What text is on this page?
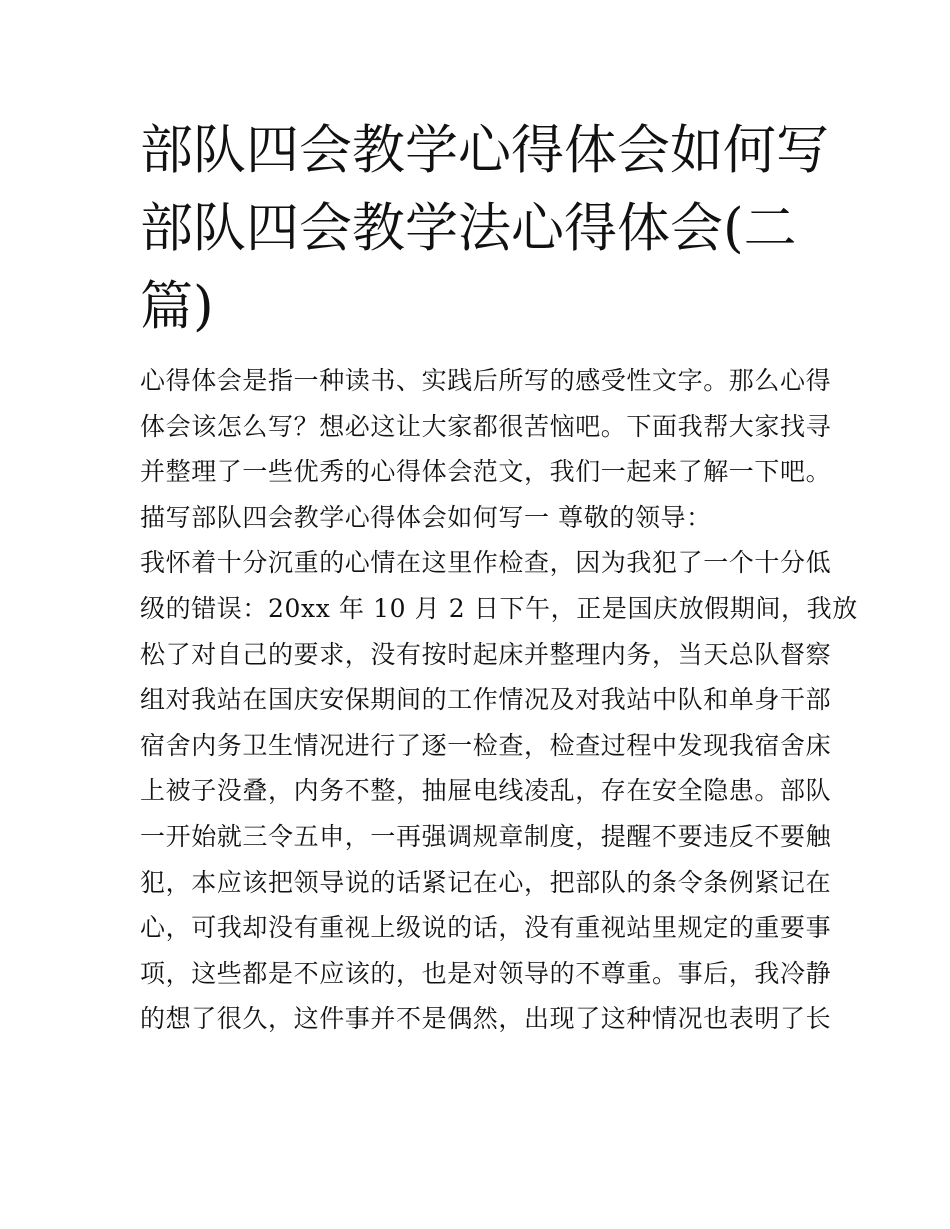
部队四会教学心得体会如何写
部队四会教学法心得体会(二
篇)
心得体会是指一种读书、实践后所写的感受性文字。那么心得
体会该怎么写？想必这让大家都很苦恼吧。下面我帮大家找寻
并整理了一些优秀的心得体会范文，我们一起来了解一下吧。
描写部队四会教学心得体会如何写一 尊敬的领导：
我怀着十分沉重的心情在这里作检查，因为我犯了一个十分低
级的错误：20xx 年 10 月 2 日下午，正是国庆放假期间，我放
松了对自己的要求，没有按时起床并整理内务，当天总队督察
组对我站在国庆安保期间的工作情况及对我站中队和单身干部
宿舍内务卫生情况进行了逐一检查，检查过程中发现我宿舍床
上被子没叠，内务不整，抽屉电线凌乱，存在安全隐患。部队
一开始就三令五申，一再强调规章制度，提醒不要违反不要触
犯，本应该把领导说的话紧记在心，把部队的条令条例紧记在
心，可我却没有重视上级说的话，没有重视站里规定的重要事
项，这些都是不应该的，也是对领导的不尊重。事后，我冷静
的想了很久，这件事并不是偶然，出现了这种情况也表明了长
